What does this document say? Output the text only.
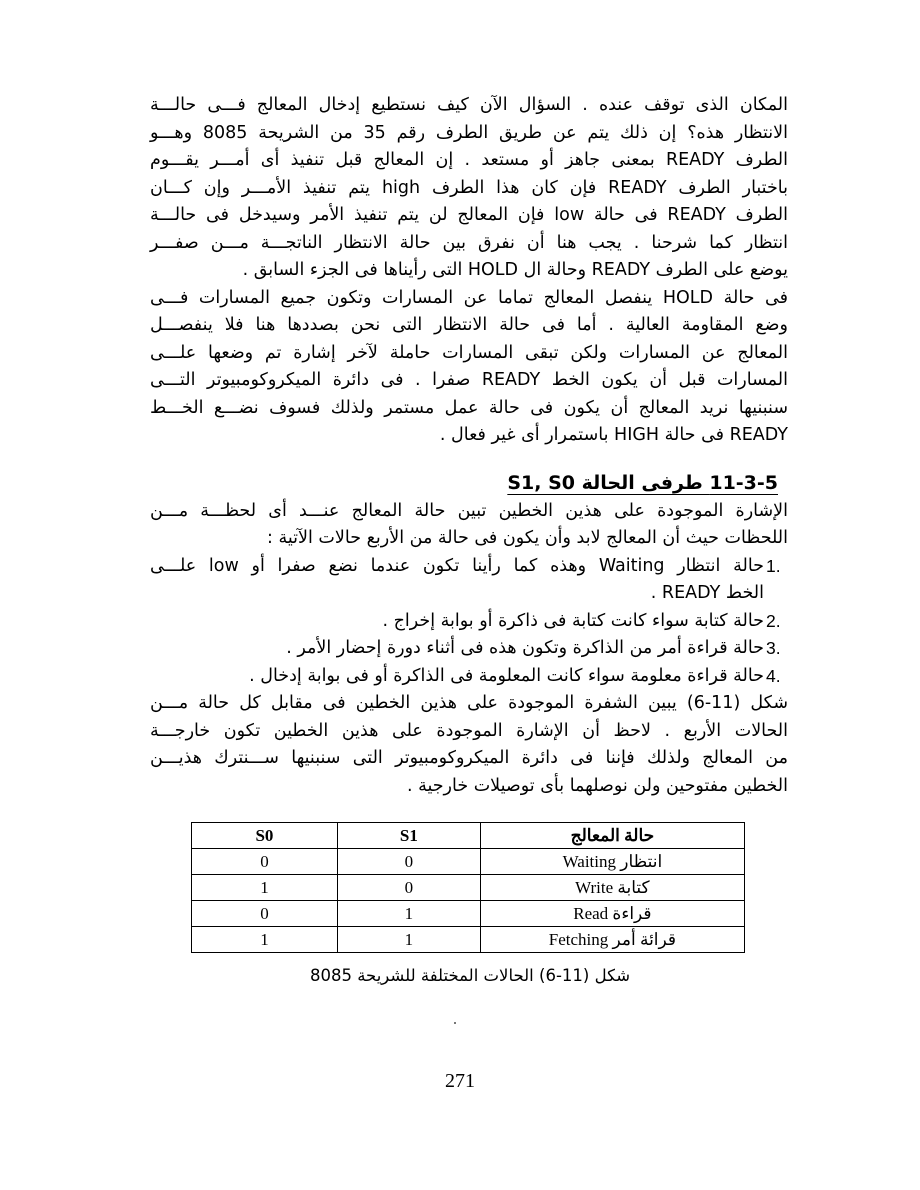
المكان الذى توقف عنده . السؤال الآن كيف نستطيع إدخال المعالج فـــى حالـــة

الانتظار هذه؟ إن ذلك يتم عن طريق الطرف رقم 35 من الشريحة 8085 وهـــو

الطرف READY بمعنى جاهز أو مستعد . إن المعالج قبل تنفيذ أى أمـــر يقـــوم

باختبار الطرف READY فإن كان هذا الطرف high يتم تنفيذ الأمـــر وإن كـــان

الطرف READY فى حالة low فإن المعالج لن يتم تنفيذ الأمر وسيدخل فى حالـــة

انتظار كما شرحنا . يجب هنا أن نفرق بين حالة الانتظار الناتجـــة مـــن صفـــر

يوضع على الطرف READY وحالة ال HOLD التى رأيناها فى الجزء السابق .

فى حالة HOLD ينفصل المعالج تماما عن المسارات وتكون جميع المسارات فـــى

وضع المقاومة العالية . أما فى حالة الانتظار التى نحن بصددها هنا فلا ينفصـــل

المعالج عن المسارات ولكن تبقى المسارات حاملة لآخر إشارة تم وضعها علـــى

المسارات قبل أن يكون الخط READY صفرا . فى دائرة الميكروكومبيوتر التـــى

سنبنيها نريد المعالج أن يكون فى حالة عمل مستمر ولذلك فسوف نضـــع الخـــط

READY فى حالة HIGH باستمرار أى غير فعال .

11-3-5 طرفى الحالة S1, S0

الإشارة الموجودة على هذين الخطين تبين حالة المعالج عنـــد أى لحظـــة مـــن

اللحظات حيث أن المعالج لابد وأن يكون فى حالة من الأربع حالات الآتية :

1.
حالة انتظار Waiting وهذه كما رأينا تكون عندما نضع صفرا أو low علـــى
الخط READY .
2.
حالة كتابة سواء كانت كتابة فى ذاكرة أو بوابة إخراج .
3.
حالة قراءة أمر من الذاكرة وتكون هذه فى أثناء دورة إحضار الأمر .
4.
حالة قراءة معلومة سواء كانت المعلومة فى الذاكرة أو فى بوابة إدخال .

شكل (11-6) يبين الشفرة الموجودة على هذين الخطين فى مقابل كل حالة مـــن

الحالات الأربع . لاحظ أن الإشارة الموجودة على هذين الخطين تكون خارجـــة

من المعالج ولذلك فإننا فى دائرة الميكروكومبيوتر التى سنبنيها ســـنترك هذيـــن

الخطين مفتوحين ولن نوصلهما بأى توصيلات خارجية .

حالة المعالج	S1	S0
انتظار Waiting	0	0
كتابة Write	0	1
قراءة Read	1	0
قرائة أمر Fetching	1	1
شكل (11-6) الحالات المختلفة للشريحة 8085
271
